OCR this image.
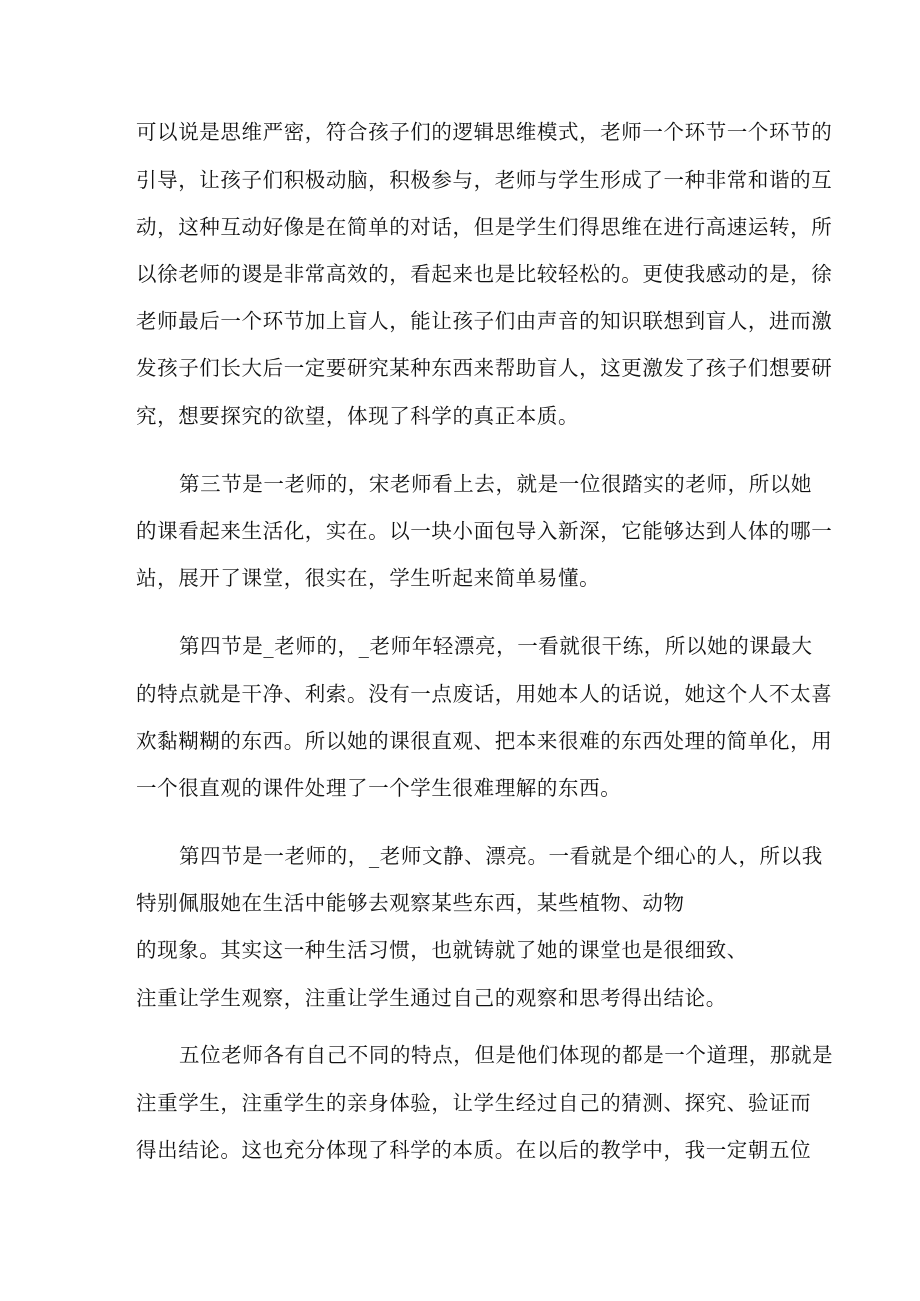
可以说是思维严密，符合孩子们的逻辑思维模式，老师一个环节一个环节的
引导，让孩子们积极动脑，积极参与，老师与学生形成了一种非常和谐的互
动，这种互动好像是在简单的对话，但是学生们得思维在进行高速运转，所
以徐老师的谡是非常高效的，看起来也是比较轻松的。更使我感动的是，徐
老师最后一个环节加上盲人，能让孩子们由声音的知识联想到盲人，进而激
发孩子们长大后一定要研究某种东西来帮助盲人，这更激发了孩子们想要研
究，想要探究的欲望，体现了科学的真正本质。
第三节是一老师的，宋老师看上去，就是一位很踏实的老师，所以她
的课看起来生活化，实在。以一块小面包导入新深，它能够达到人体的哪一
站，展开了课堂，很实在，学生听起来简单易懂。
第四节是_老师的，_老师年轻漂亮，一看就很干练，所以她的课最大
的特点就是干净、利索。没有一点废话，用她本人的话说，她这个人不太喜
欢黏糊糊的东西。所以她的课很直观、把本来很难的东西处理的简单化，用
一个很直观的课件处理了一个学生很难理解的东西。
第四节是一老师的，_老师文静、漂亮。一看就是个细心的人，所以我
特别佩服她在生活中能够去观察某些东西，某些植物、动物
的现象。其实这一种生活习惯，也就铸就了她的课堂也是很细致、
注重让学生观察，注重让学生通过自己的观察和思考得出结论。
五位老师各有自己不同的特点，但是他们体现的都是一个道理，那就是
注重学生，注重学生的亲身体验，让学生经过自己的猜测、探究、验证而
得出结论。这也充分体现了科学的本质。在以后的教学中，我一定朝五位
